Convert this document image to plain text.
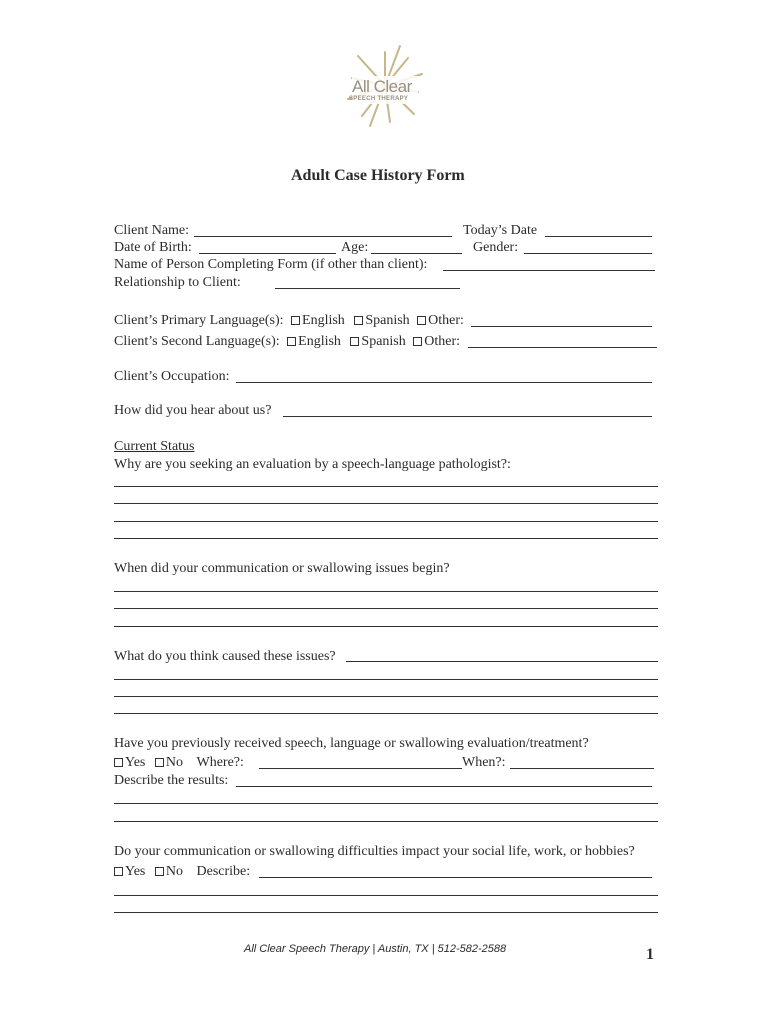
All Clear
SPEECH THERAPY
Adult Case History Form
Client Name:	Today’s Date
Date of Birth:	Age:	Gender:
Name of Person Completing Form (if other than client):
Relationship to Client:
Client’s Primary Language(s): English Spanish Other:
Client’s Second Language(s): English Spanish Other:
Client’s Occupation:
How did you hear about us?
Current Status
Why are you seeking an evaluation by a speech-language pathologist?:
When did your communication or swallowing issues begin?
What do you think caused these issues?
Have you previously received speech, language or swallowing evaluation/treatment?
Yes No Where?:	When?:
Describe the results:
Do your communication or swallowing difficulties impact your social life, work, or hobbies?
Yes No Describe:
All Clear Speech Therapy | Austin, TX | 512-582-2588	1
